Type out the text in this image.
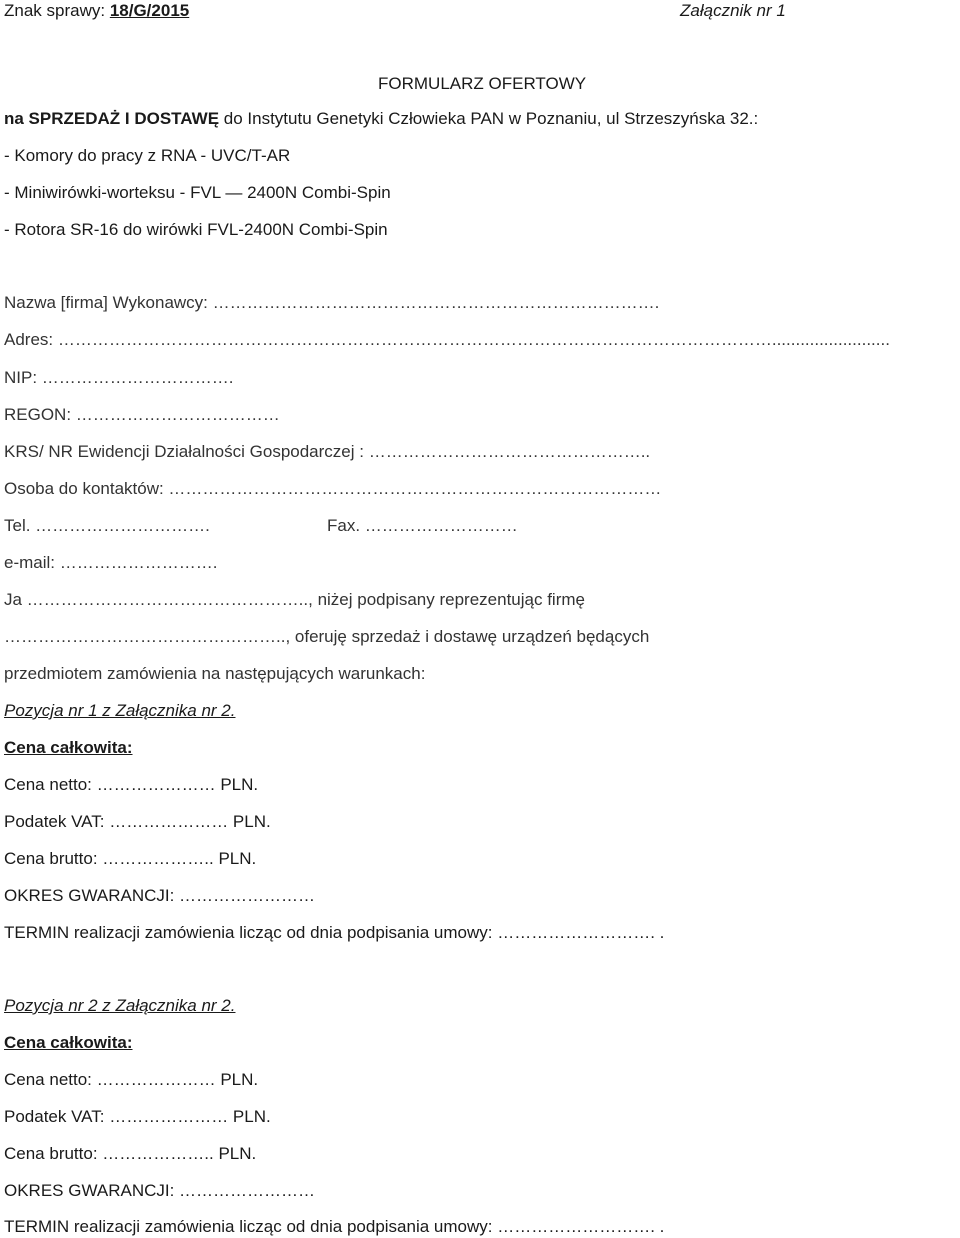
Znak sprawy: 18/G/2015	Załącznik nr 1
FORMULARZ OFERTOWY
na SPRZEDAŻ I DOSTAWĘ do Instytutu Genetyki Człowieka PAN w Poznaniu, ul Strzeszyńska 32.:
- Komory do pracy z RNA - UVC/T-AR
- Miniwirówki-worteksu - FVL — 2400N Combi-Spin
- Rotora SR-16 do wirówki FVL-2400N Combi-Spin
Nazwa [firma] Wykonawcy: …………………………………………………………………….
Adres: ……………………………………………………………………………………………………………….........................
NIP: …………………………….
REGON: ………………………………
KRS/ NR Ewidencji Działalności Gospodarczej : …………………………………………..
Osoba do kontaktów: ……………………………………………………………………………
Tel. ………………………….	Fax. ………………………
e-mail: ……………………….
Ja ………………………………………….., niżej podpisany reprezentując firmę
………………………………………….., oferuję sprzedaż i dostawę urządzeń będących
przedmiotem zamówienia na następujących warunkach:
Pozycja nr 1 z Załącznika nr 2.
Cena całkowita:
Cena netto: ………………… PLN.
Podatek VAT: ………………… PLN.
Cena brutto: ……………….. PLN.
OKRES GWARANCJI: ……………………
TERMIN realizacji zamówienia licząc od dnia podpisania umowy: ………………………. .
Pozycja nr 2 z Załącznika nr 2.
Cena całkowita:
Cena netto: ………………… PLN.
Podatek VAT: ………………… PLN.
Cena brutto: ……………….. PLN.
OKRES GWARANCJI: ……………………
TERMIN realizacji zamówienia licząc od dnia podpisania umowy: ………………………. .
